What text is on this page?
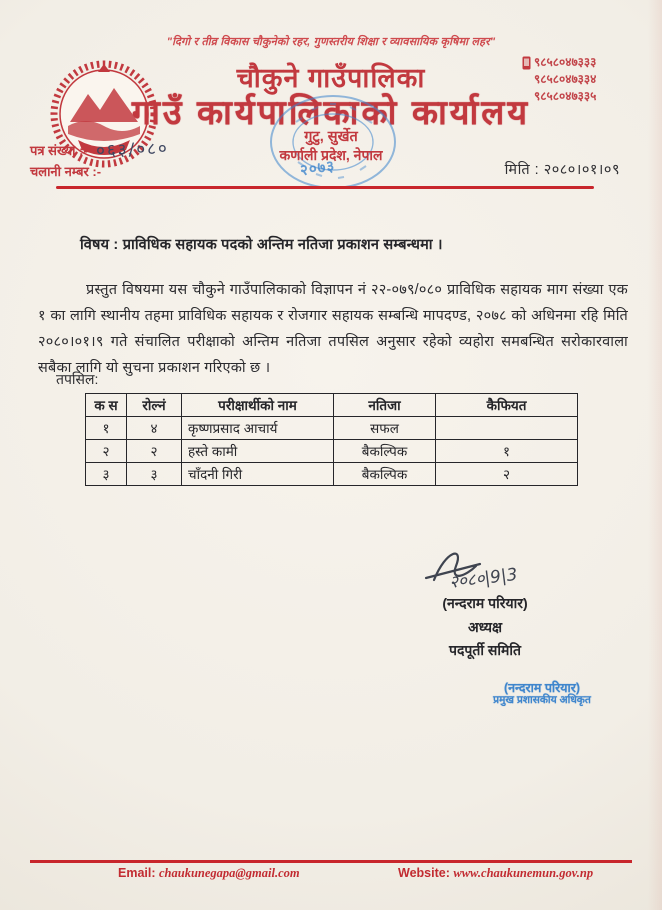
"दिगो र तीव्र विकास चौकुनेको रहर, गुणस्तरीय शिक्षा र व्यावसायिक कृषिमा लहर"
चौकुने गाउँपालिका
गाउँ कार्यपालिकाको कार्यालय
९८५८०४७३३३
९८५८०४७३३४
९८५८०४७३३५
२०७३
गुटु, सुर्खेत
कर्णाली प्रदेश, नेपाल
पत्र संख्या :- ०६३/०८०
चलानी नम्बर :-	मिति : २०८०।०१।०९
विषय : प्राविधिक सहायक पदको अन्तिम नतिजा प्रकाशन सम्बन्धमा ।

प्रस्तुत विषयमा यस चौकुने गाउँपालिकाको विज्ञापन नं २२-०७९/०८० प्राविधिक सहायक माग संख्या एक १ का लागि स्थानीय तहमा प्राविधिक सहायक र रोजगार सहायक सम्बन्धि मापदण्ड, २०७८ को अधिनमा रहि मिति २०८०।०१।९ गते संचालित परीक्षाको अन्तिम नतिजा तपसिल अनुसार रहेको व्यहोरा समबन्धित सरोकारवाला सबैका लागि यो सुचना प्रकाशन गरिएको छ ।

तपसिल:
क स	रोल्नं	परीक्षार्थीको नाम	नतिजा	कैफियत
१	४	कृष्णप्रसाद आचार्य	सफल	
२	२	हस्ते कामी	बैकल्पिक	१
३	३	चाँदनी गिरी	बैकल्पिक	२
२०८०|9|3
(नन्दराम परियार)
अध्यक्ष
पदपूर्ती समिति
(नन्दराम परियार)
प्रमुख प्रशासकीय अधिकृत
Email: chaukunegapa@gmail.com	Website: www.chaukunemun.gov.np
